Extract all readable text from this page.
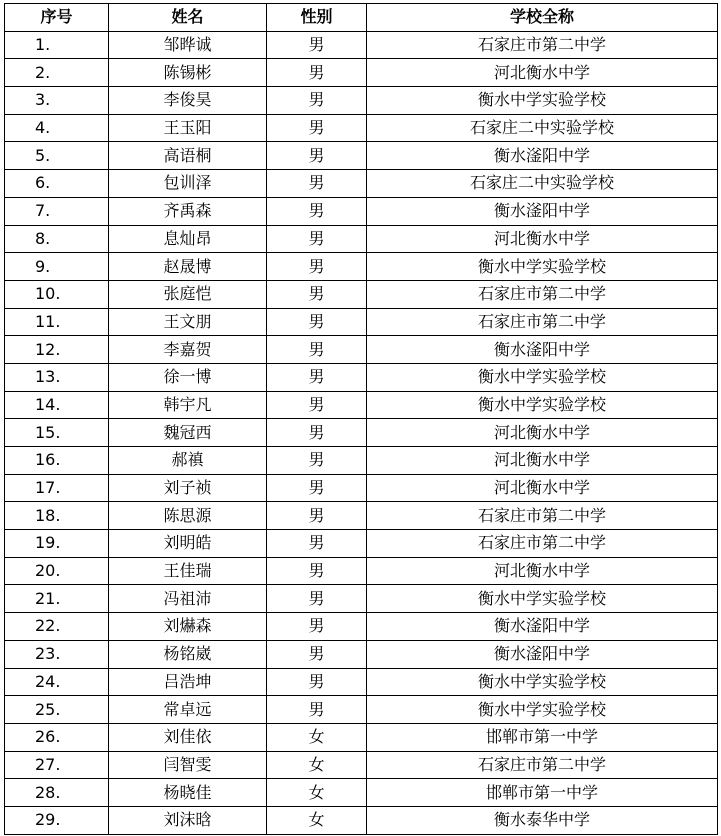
序号	姓名	性别	学校全称
1.	邹晔诚	男	石家庄市第二中学
2.	陈锡彬	男	河北衡水中学
3.	李俊昊	男	衡水中学实验学校
4.	王玉阳	男	石家庄二中实验学校
5.	高语桐	男	衡水滏阳中学
6.	包训泽	男	石家庄二中实验学校
7.	齐禹森	男	衡水滏阳中学
8.	息灿昂	男	河北衡水中学
9.	赵晟博	男	衡水中学实验学校
10.	张庭恺	男	石家庄市第二中学
11.	王文朋	男	石家庄市第二中学
12.	李嘉贺	男	衡水滏阳中学
13.	徐一博	男	衡水中学实验学校
14.	韩宇凡	男	衡水中学实验学校
15.	魏冠西	男	河北衡水中学
16.	郝禛	男	河北衡水中学
17.	刘子祯	男	河北衡水中学
18.	陈思源	男	石家庄市第二中学
19.	刘明皓	男	石家庄市第二中学
20.	王佳瑞	男	河北衡水中学
21.	冯祖沛	男	衡水中学实验学校
22.	刘爀森	男	衡水滏阳中学
23.	杨铭崴	男	衡水滏阳中学
24.	吕浩坤	男	衡水中学实验学校
25.	常卓远	男	衡水中学实验学校
26.	刘佳依	女	邯郸市第一中学
27.	闫智雯	女	石家庄市第二中学
28.	杨晓佳	女	邯郸市第一中学
29.	刘沫晗	女	衡水泰华中学
